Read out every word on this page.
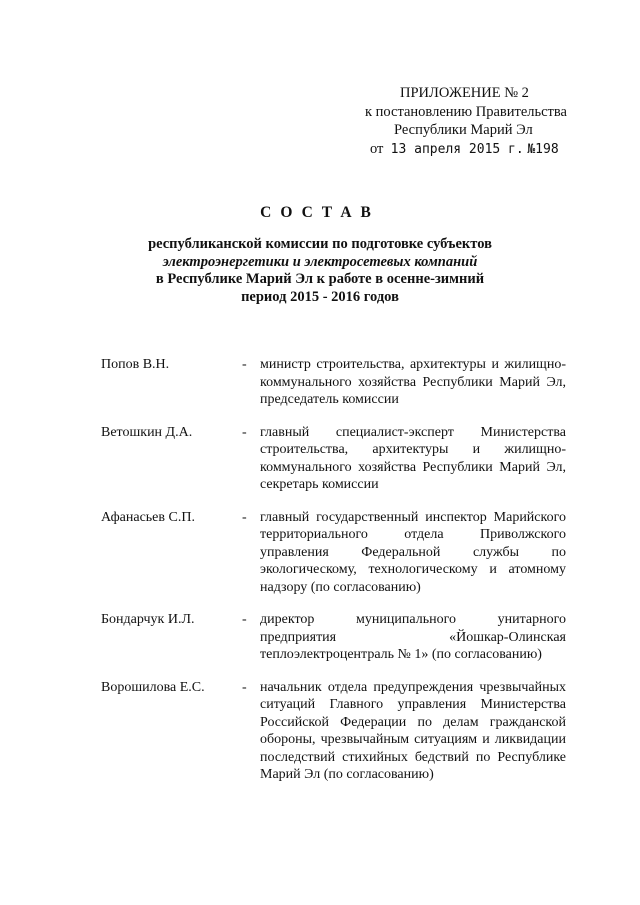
ПРИЛОЖЕНИЕ № 2
к постановлению Правительства
Республики Марий Эл
от 13 апреля 2015 г. №198
СОСТАВ
республиканской комиссии по подготовке субъектов
электроэнергетики и электросетевых компаний
в Республике Марий Эл к работе в осенне-зимний
период 2015 - 2016 годов
Попов В.Н.	- министр строительства, архитектуры и жилищно-коммунального хозяйства Республики Марий Эл, председатель комиссии
Ветошкин Д.А.	- главный специалист-эксперт Министерства строительства, архитектуры и жилищно-коммунального хозяйства Республики Марий Эл, секретарь комиссии
Афанасьев С.П.	- главный государственный инспектор Марийского территориального отдела Приволжского управления Федеральной службы по экологическому, технологическому и атомному надзору (по согласованию)
Бондарчук И.Л.	- директор муниципального унитарного предприятия «Йошкар-Олинская теплоэлектроцентраль № 1» (по согласованию)
Ворошилова Е.С.	- начальник отдела предупреждения чрезвычайных ситуаций Главного управления Министерства Российской Федерации по делам гражданской обороны, чрезвычайным ситуациям и ликвидации последствий стихийных бедствий по Республике Марий Эл (по согласованию)
